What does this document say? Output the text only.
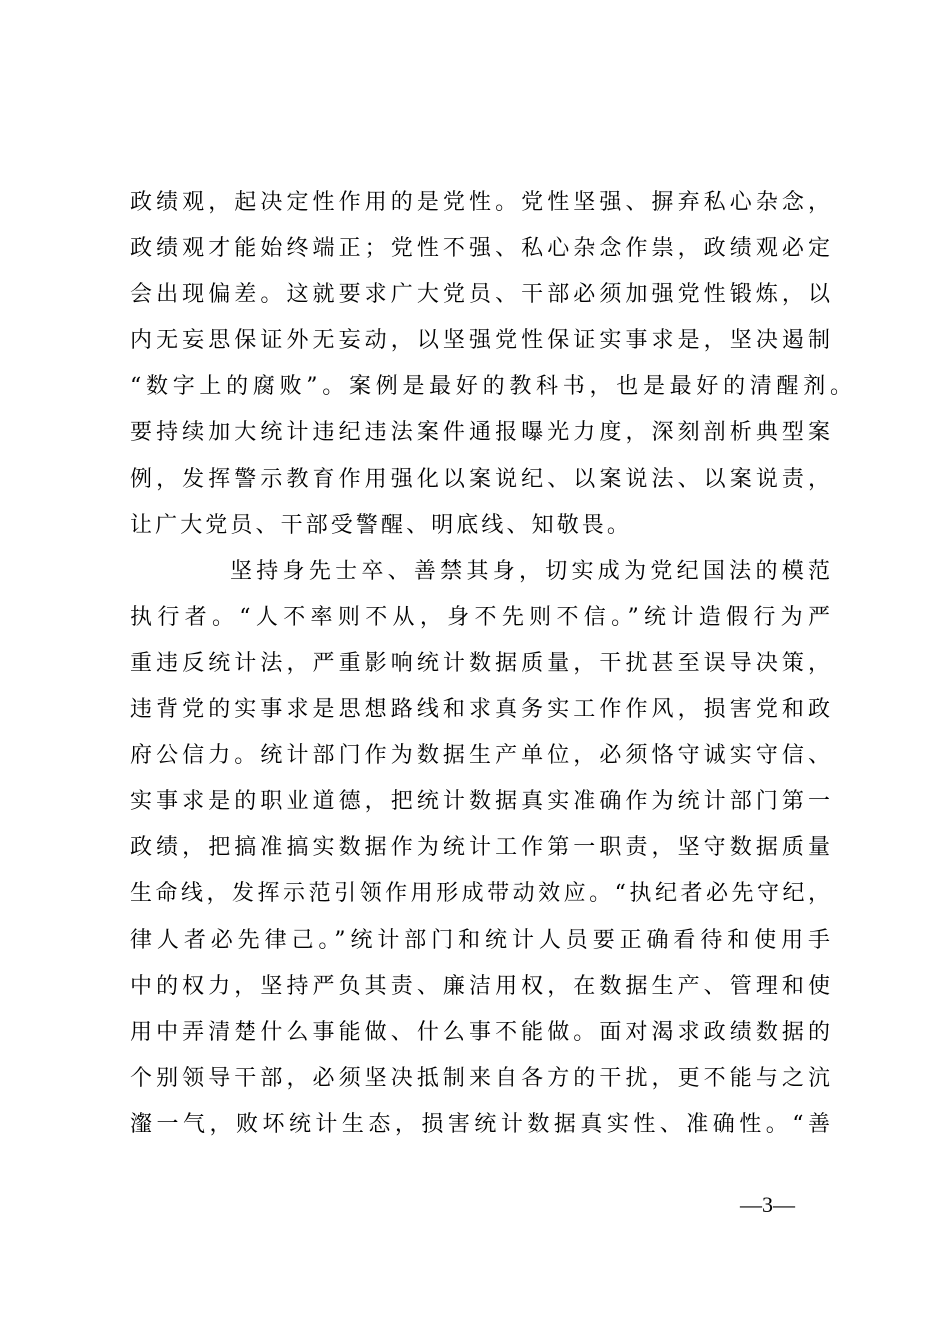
政绩观，起决定性作用的是党性。党性坚强、摒弃私心杂念，
政绩观才能始终端正；党性不强、私心杂念作祟，政绩观必定
会出现偏差。这就要求广大党员、干部必须加强党性锻炼，以
内无妄思保证外无妄动，以坚强党性保证实事求是，坚决遏制
“数字上的腐败”。案例是最好的教科书，也是最好的清醒剂。
要持续加大统计违纪违法案件通报曝光力度，深刻剖析典型案
例，发挥警示教育作用强化以案说纪、以案说法、以案说责，
让广大党员、干部受警醒、明底线、知敬畏。
坚持身先士卒、善禁其身，切实成为党纪国法的模范
执行者。“人不率则不从，身不先则不信。”统计造假行为严
重违反统计法，严重影响统计数据质量，干扰甚至误导决策，
违背党的实事求是思想路线和求真务实工作作风，损害党和政
府公信力。统计部门作为数据生产单位，必须恪守诚实守信、
实事求是的职业道德，把统计数据真实准确作为统计部门第一
政绩，把搞准搞实数据作为统计工作第一职责，坚守数据质量
生命线，发挥示范引领作用形成带动效应。“执纪者必先守纪，
律人者必先律己。”统计部门和统计人员要正确看待和使用手
中的权力，坚持严负其责、廉洁用权，在数据生产、管理和使
用中弄清楚什么事能做、什么事不能做。面对渴求政绩数据的
个别领导干部，必须坚决抵制来自各方的干扰，更不能与之沆
瀣一气，败坏统计生态，损害统计数据真实性、准确性。“善
—3—
